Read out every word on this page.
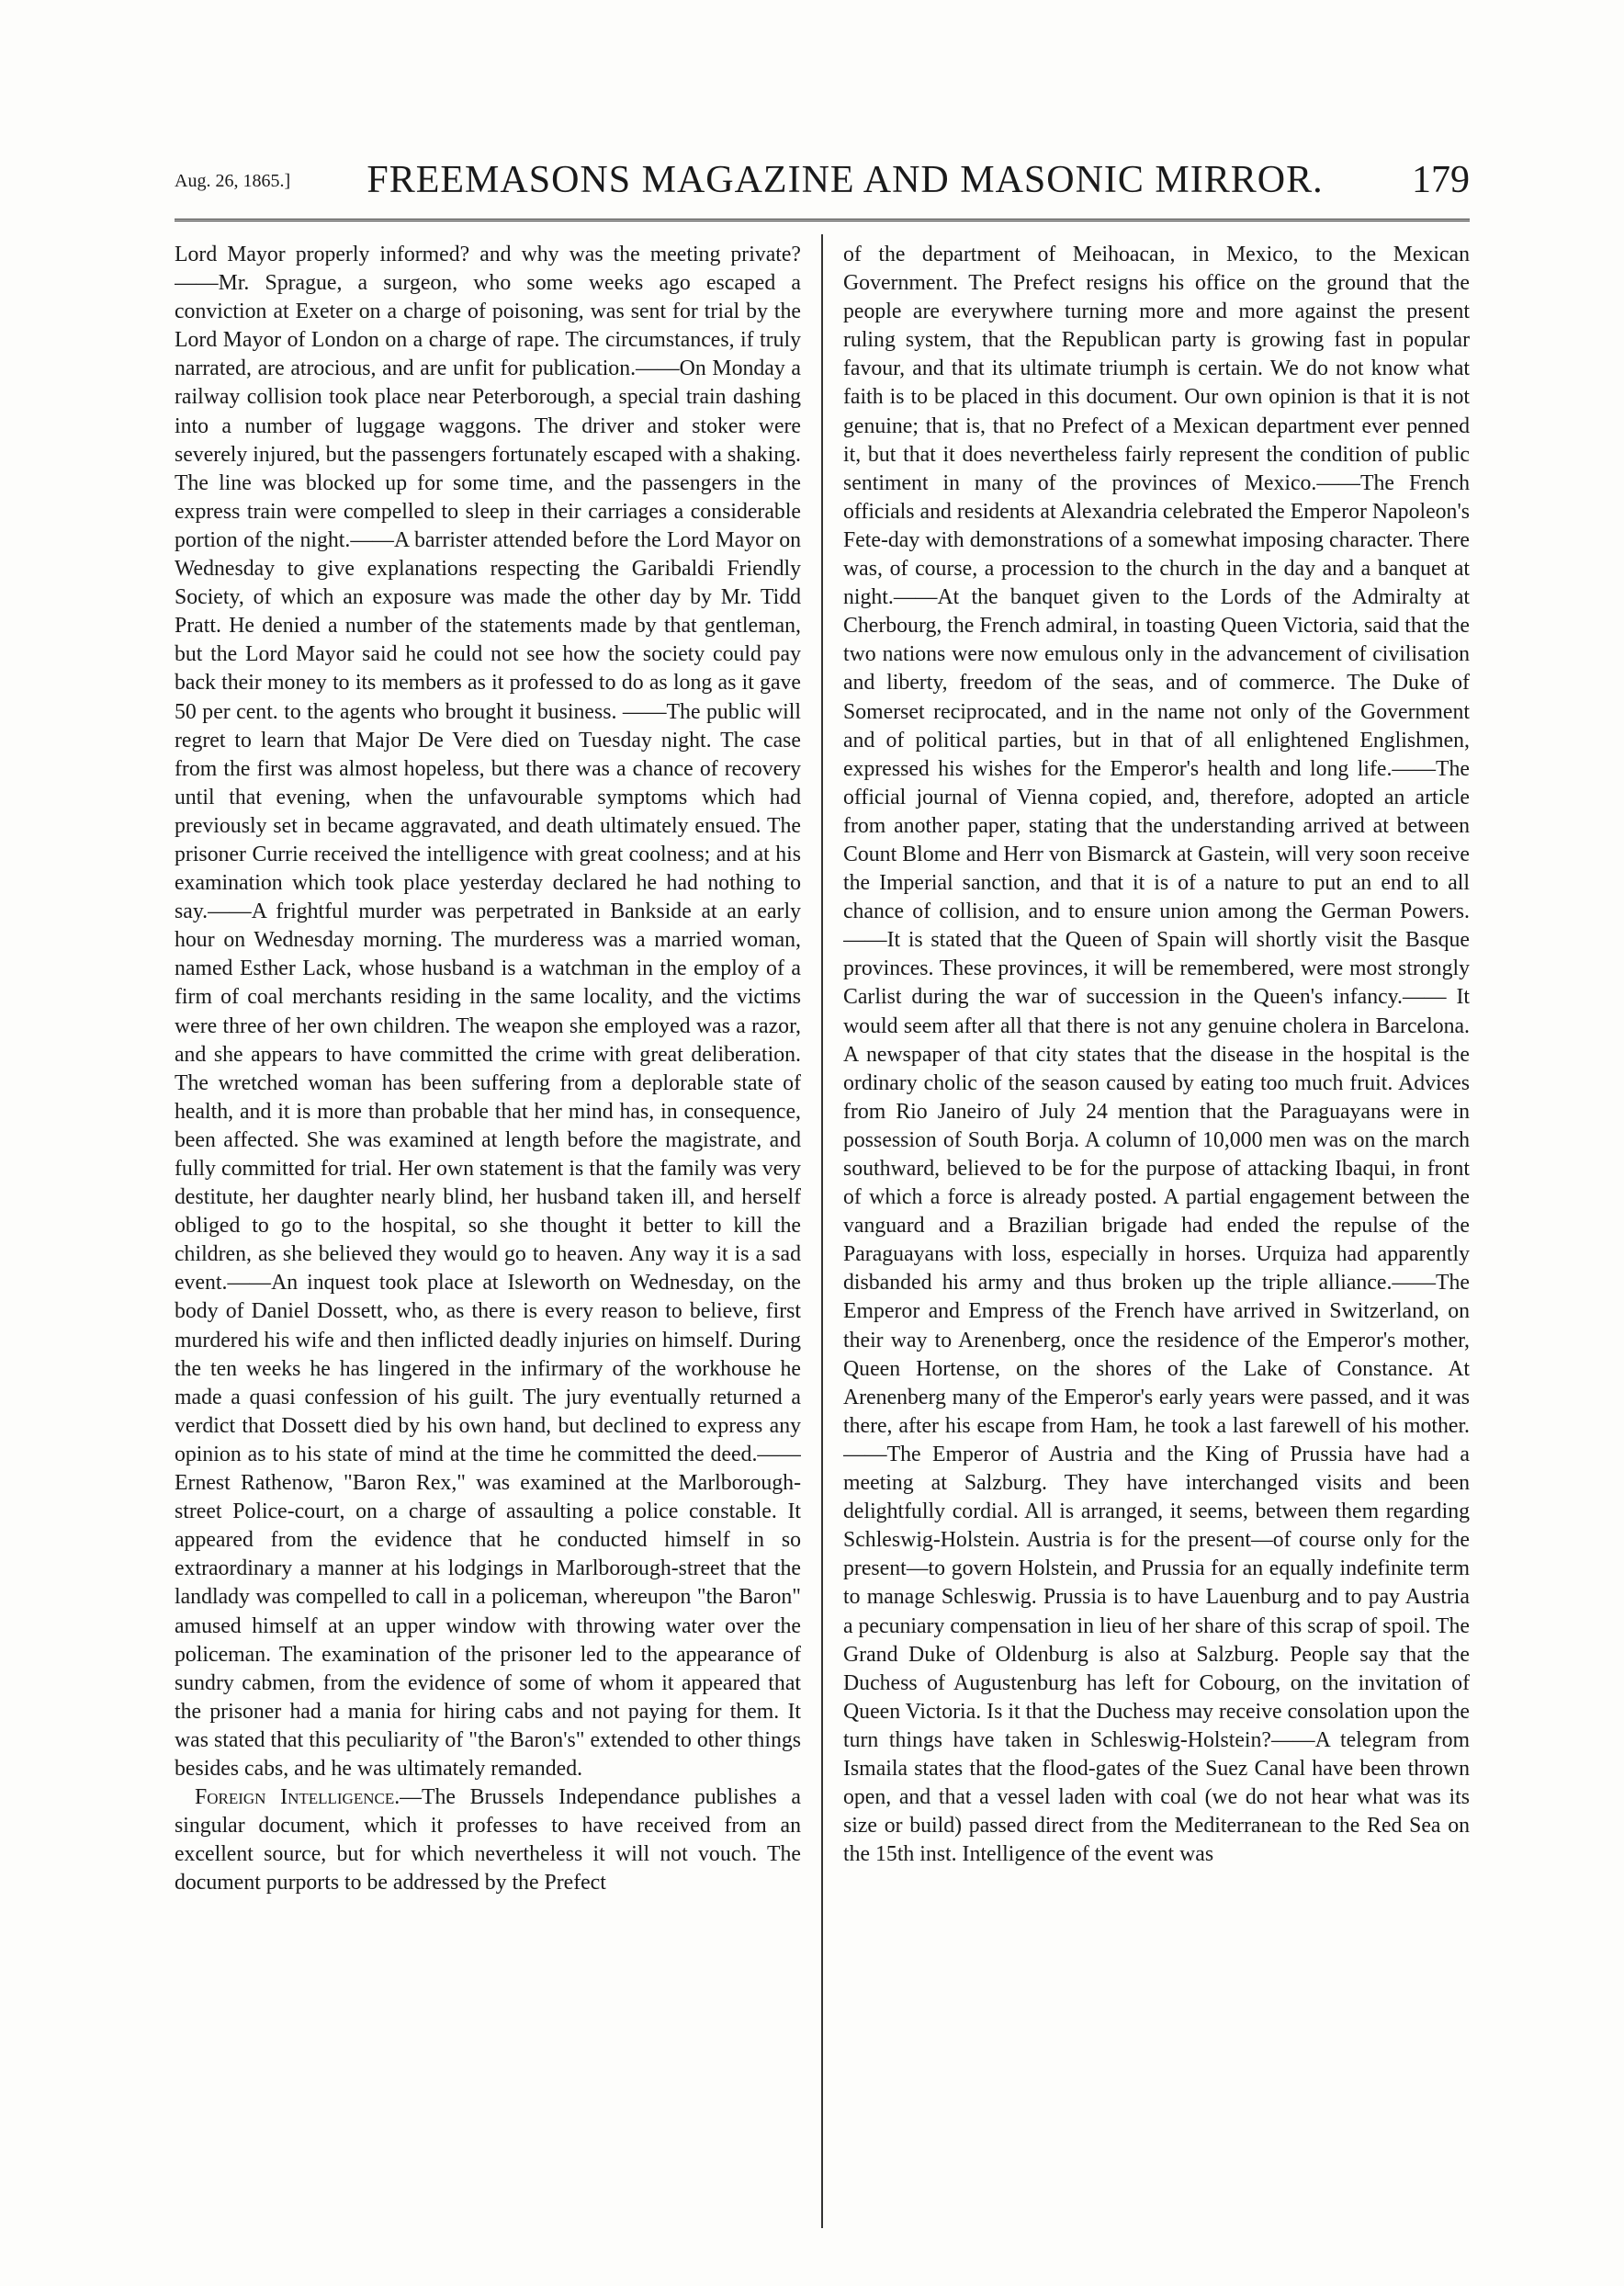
Aug. 26, 1865.]	FREEMASONS MAGAZINE AND MASONIC MIRROR.	179

Lord Mayor properly informed? and why was the meeting private?——Mr. Sprague, a surgeon, who some weeks ago escaped a conviction at Exeter on a charge of poisoning, was sent for trial by the Lord Mayor of London on a charge of rape. The circumstances, if truly narrated, are atrocious, and are unfit for publication.——On Monday a railway collision took place near Peterborough, a special train dashing into a number of luggage waggons. The driver and stoker were severely injured, but the passengers fortunately escaped with a shaking. The line was blocked up for some time, and the passengers in the express train were compelled to sleep in their carriages a considerable portion of the night.——A barrister attended before the Lord Mayor on Wednesday to give explanations respecting the Garibaldi Friendly Society, of which an exposure was made the other day by Mr. Tidd Pratt. He denied a number of the statements made by that gentleman, but the Lord Mayor said he could not see how the society could pay back their money to its members as it professed to do as long as it gave 50 per cent. to the agents who brought it business. ——The public will regret to learn that Major De Vere died on Tuesday night. The case from the first was almost hopeless, but there was a chance of recovery until that evening, when the unfavourable symptoms which had previously set in became aggravated, and death ultimately ensued. The prisoner Currie received the intelligence with great coolness; and at his examination which took place yesterday declared he had nothing to say.——A frightful murder was perpetrated in Bankside at an early hour on Wednesday morning. The murderess was a married woman, named Esther Lack, whose husband is a watchman in the employ of a firm of coal merchants residing in the same locality, and the victims were three of her own children. The weapon she employed was a razor, and she appears to have committed the crime with great deliberation. The wretched woman has been suffering from a deplorable state of health, and it is more than probable that her mind has, in consequence, been affected. She was examined at length before the magistrate, and fully committed for trial. Her own statement is that the family was very destitute, her daughter nearly blind, her husband taken ill, and herself obliged to go to the hospital, so she thought it better to kill the children, as she believed they would go to heaven. Any way it is a sad event.——An inquest took place at Isleworth on Wednesday, on the body of Daniel Dossett, who, as there is every reason to believe, first murdered his wife and then inflicted deadly injuries on himself. During the ten weeks he has lingered in the infirmary of the workhouse he made a quasi confession of his guilt. The jury eventually returned a verdict that Dossett died by his own hand, but declined to express any opinion as to his state of mind at the time he committed the deed.——Ernest Rathenow, "Baron Rex," was examined at the Marlborough-street Police-court, on a charge of assaulting a police constable. It appeared from the evidence that he conducted himself in so extraordinary a manner at his lodgings in Marlborough-street that the landlady was compelled to call in a policeman, whereupon "the Baron" amused himself at an upper window with throwing water over the policeman. The examination of the prisoner led to the appearance of sundry cabmen, from the evidence of some of whom it appeared that the prisoner had a mania for hiring cabs and not paying for them. It was stated that this peculiarity of "the Baron's" extended to other things besides cabs, and he was ultimately remanded.

Foreign Intelligence.—The Brussels Independance publishes a singular document, which it professes to have received from an excellent source, but for which nevertheless it will not vouch. The document purports to be addressed by the Prefect

of the department of Meihoacan, in Mexico, to the Mexican Government. The Prefect resigns his office on the ground that the people are everywhere turning more and more against the present ruling system, that the Republican party is growing fast in popular favour, and that its ultimate triumph is certain. We do not know what faith is to be placed in this document. Our own opinion is that it is not genuine; that is, that no Prefect of a Mexican department ever penned it, but that it does nevertheless fairly represent the condition of public sentiment in many of the provinces of Mexico.——The French officials and residents at Alexandria celebrated the Emperor Napoleon's Fete-day with demonstrations of a somewhat imposing character. There was, of course, a procession to the church in the day and a banquet at night.——At the banquet given to the Lords of the Admiralty at Cherbourg, the French admiral, in toasting Queen Victoria, said that the two nations were now emulous only in the advancement of civilisation and liberty, freedom of the seas, and of commerce. The Duke of Somerset reciprocated, and in the name not only of the Government and of political parties, but in that of all enlightened Englishmen, expressed his wishes for the Emperor's health and long life.——The official journal of Vienna copied, and, therefore, adopted an article from another paper, stating that the understanding arrived at between Count Blome and Herr von Bismarck at Gastein, will very soon receive the Imperial sanction, and that it is of a nature to put an end to all chance of collision, and to ensure union among the German Powers.——It is stated that the Queen of Spain will shortly visit the Basque provinces. These provinces, it will be remembered, were most strongly Carlist during the war of succession in the Queen's infancy.—— It would seem after all that there is not any genuine cholera in Barcelona. A newspaper of that city states that the disease in the hospital is the ordinary cholic of the season caused by eating too much fruit. Advices from Rio Janeiro of July 24 mention that the Paraguayans were in possession of South Borja. A column of 10,000 men was on the march southward, believed to be for the purpose of attacking Ibaqui, in front of which a force is already posted. A partial engagement between the vanguard and a Brazilian brigade had ended the repulse of the Paraguayans with loss, especially in horses. Urquiza had apparently disbanded his army and thus broken up the triple alliance.——The Emperor and Empress of the French have arrived in Switzerland, on their way to Arenenberg, once the residence of the Emperor's mother, Queen Hortense, on the shores of the Lake of Constance. At Arenenberg many of the Emperor's early years were passed, and it was there, after his escape from Ham, he took a last farewell of his mother.——The Emperor of Austria and the King of Prussia have had a meeting at Salzburg. They have interchanged visits and been delightfully cordial. All is arranged, it seems, between them regarding Schleswig-Holstein. Austria is for the present—of course only for the present—to govern Holstein, and Prussia for an equally indefinite term to manage Schleswig. Prussia is to have Lauenburg and to pay Austria a pecuniary compensation in lieu of her share of this scrap of spoil. The Grand Duke of Oldenburg is also at Salzburg. People say that the Duchess of Augustenburg has left for Cobourg, on the invitation of Queen Victoria. Is it that the Duchess may receive consolation upon the turn things have taken in Schleswig-Holstein?——A telegram from Ismaila states that the flood-gates of the Suez Canal have been thrown open, and that a vessel laden with coal (we do not hear what was its size or build) passed direct from the Mediterranean to the Red Sea on the 15th inst. Intelligence of the event was
